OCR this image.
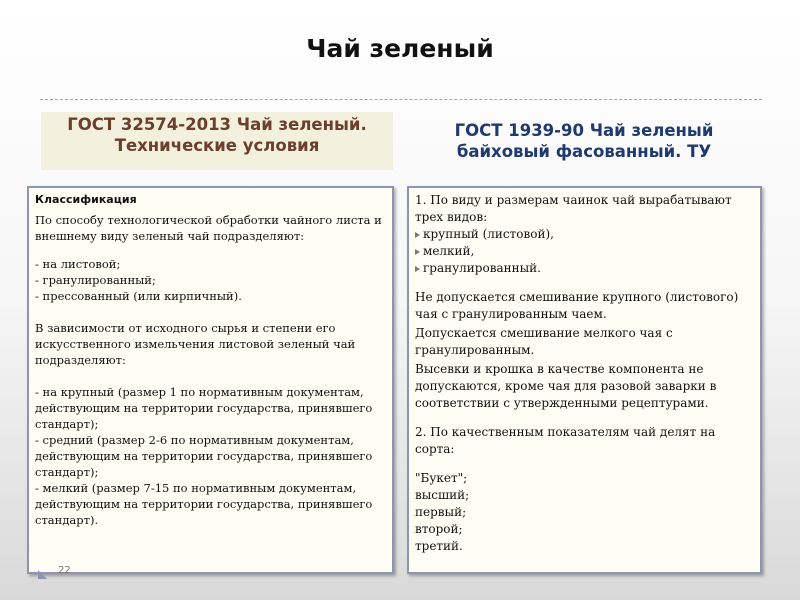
Чай зеленый
ГОСТ 32574-2013 Чай зеленый. Технические условия
ГОСТ 1939-90 Чай зеленый байховый фасованный. ТУ

Классификация

По способу технологической обработки чайного листа и внешнему виду зеленый чай подразделяют:

- на листовой;

- гранулированный;

- прессованный (или кирпичный).

В зависимости от исходного сырья и степени его искусственного измельчения листовой зеленый чай подразделяют:

- на крупный (размер 1 по нормативным документам, действующим на территории государства, принявшего стандарт);

- средний (размер 2-6 по нормативным документам, действующим на территории государства, принявшего стандарт);

- мелкий (размер 7-15 по нормативным документам, действующим на территории государства, принявшего стандарт).

1. По виду и размерам чаинок чай вырабатывают трех видов:

крупный (листовой),

мелкий,

гранулированный.

Не допускается смешивание крупного (листового) чая с гранулированным чаем.

Допускается смешивание мелкого чая с гранулированным.

Высевки и крошка в качестве компонента не допускаются, кроме чая для разовой заварки в соответствии с утвержденными рецептурами.

2. По качественным показателям чай делят на сорта:

"Букет";

высший;

первый;

второй;

третий.

22
